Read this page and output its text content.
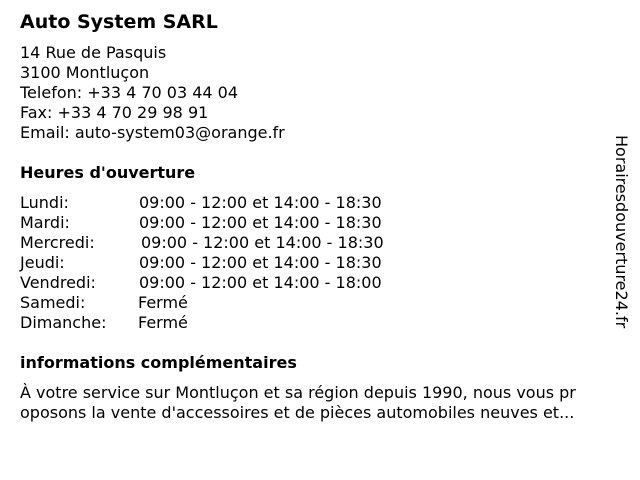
Auto System SARL
14 Rue de Pasquis
3100 Montluçon
Telefon: +33 4 70 03 44 04
Fax: +33 4 70 29 98 91
Email: auto-system03@orange.fr
Heures d'ouverture
Lundi:	09:00 - 12:00 et 14:00 - 18:30
Mardi:	09:00 - 12:00 et 14:00 - 18:30
Mercredi:	09:00 - 12:00 et 14:00 - 18:30
Jeudi:	09:00 - 12:00 et 14:00 - 18:30
Vendredi:	09:00 - 12:00 et 14:00 - 18:00
Samedi:	Fermé
Dimanche:	Fermé
informations complémentaires
À votre service sur Montluçon et sa région depuis 1990, nous vous pr
oposons la vente d'accessoires et de pièces automobiles neuves et...
Horairesdouverture24.fr
